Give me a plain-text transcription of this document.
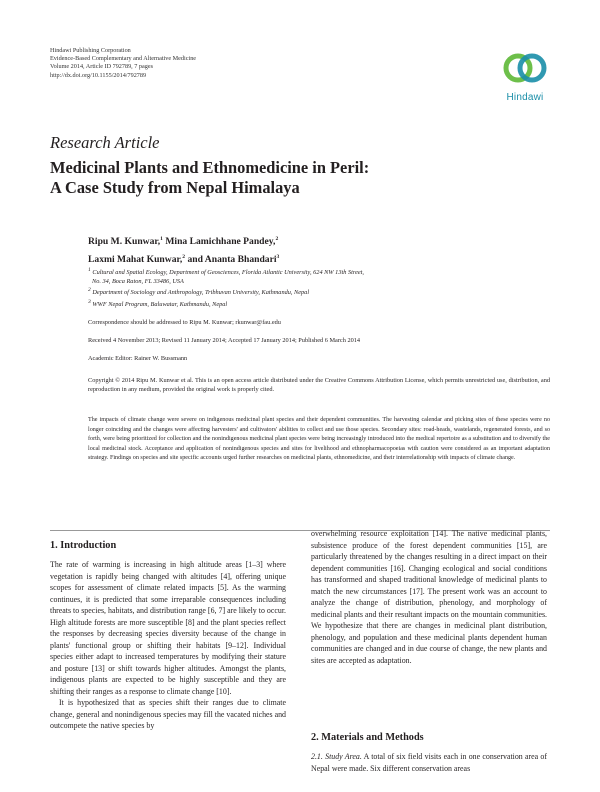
Hindawi Publishing Corporation
Evidence-Based Complementary and Alternative Medicine
Volume 2014, Article ID 792789, 7 pages
http://dx.doi.org/10.1155/2014/792789
Hindawi
Research Article
Medicinal Plants and Ethnomedicine in Peril:
A Case Study from Nepal Himalaya
Ripu M. Kunwar,$^1$ Mina Lamichhane Pandey,$^2$
Laxmi Mahat Kunwar,$^2$ and Ananta Bhandari$^3$
$^1$ Cultural and Spatial Ecology, Department of Geosciences, Florida Atlantic University, 624 NW 13th Street,
No. 34, Boca Raton, FL 33486, USA
$^2$ Department of Sociology and Anthropology, Tribhuvan University, Kathmandu, Nepal
$^3$ WWF Nepal Program, Baluwatar, Kathmandu, Nepal
Correspondence should be addressed to Ripu M. Kunwar; rkunwar@fau.edu
Received 4 November 2013; Revised 11 January 2014; Accepted 17 January 2014; Published 6 March 2014
Academic Editor: Rainer W. Bussmann
Copyright © 2014 Ripu M. Kunwar et al. This is an open access article distributed under the Creative Commons Attribution License, which permits unrestricted use, distribution, and reproduction in any medium, provided the original work is properly cited.
The impacts of climate change were severe on indigenous medicinal plant species and their dependent communities. The harvesting calendar and picking sites of these species were no longer coinciding and the changes were affecting harvesters' and cultivators' abilities to collect and use those species. Secondary sites: road-heads, wastelands, regenerated forests, and so forth, were being prioritized for collection and the nonindigenous medicinal plant species were being increasingly introduced into the medical repertoire as a substitution and to diversify the local medicinal stock. Acceptance and application of nonindigenous species and sites for livelihood and ethnopharmacopoeias with caution were considered as an important adaptation strategy. Findings on species and site specific accounts urged further researches on medicinal plants, ethnomedicine, and their interrelationship with impacts of climate change.
1. Introduction

The rate of warming is increasing in high altitude areas [1–3] where vegetation is rapidly being changed with altitudes [4], offering unique scopes for assessment of climate related impacts [5]. As the warming continues, it is predicted that some irreparable consequences including threats to species, habitats, and distribution range [6, 7] are likely to occur. High altitude forests are more susceptible [8] and the plant species reflect the responses by decreasing species diversity because of the change in plants' functional group or shifting their habitats [9–12]. Individual species either adapt to increased temperatures by modifying their stature and posture [13] or shift towards higher altitudes. Amongst the plants, indigenous plants are expected to be highly susceptible and they are shifting their ranges as a response to climate change [10].

It is hypothesized that as species shift their ranges due to climate change, general and nonindigenous species may fill the vacated niches and outcompete the native species by

overwhelming resource exploitation [14]. The native medicinal plants, subsistence produce of the forest dependent communities [15], are particularly threatened by the changes resulting in a direct impact on their dependent communities [16]. Changing ecological and social conditions has transformed and shaped traditional knowledge of medicinal plants to match the new circumstances [17]. The present work was an account to analyze the change of distribution, phenology, and morphology of medicinal plants and their resultant impacts on the mountain communities. We hypothesize that there are changes in medicinal plant distribution, phenology, and population and these medicinal plants dependent human communities are changed and in due course of change, the new plants and sites are accepted as adaptation.

2. Materials and Methods

2.1. Study Area. A total of six field visits each in one conservation area of Nepal were made. Six different conservation areas
